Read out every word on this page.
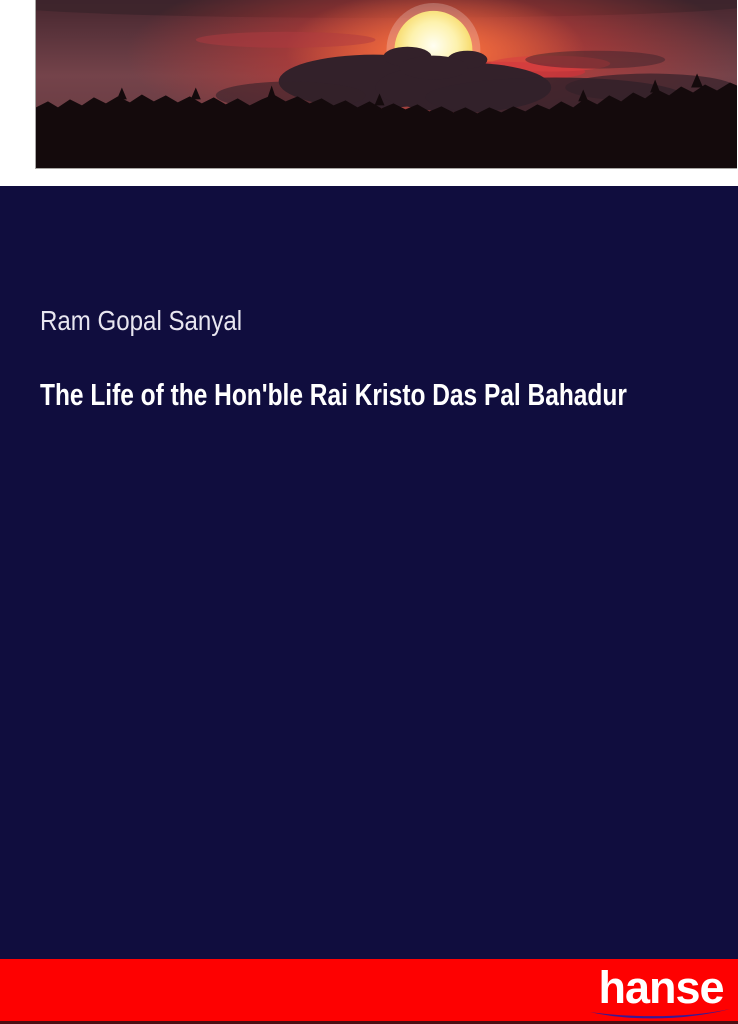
Ram Gopal Sanyal
The Life of the Hon'ble Rai Kristo Das Pal Bahadur
hanse
